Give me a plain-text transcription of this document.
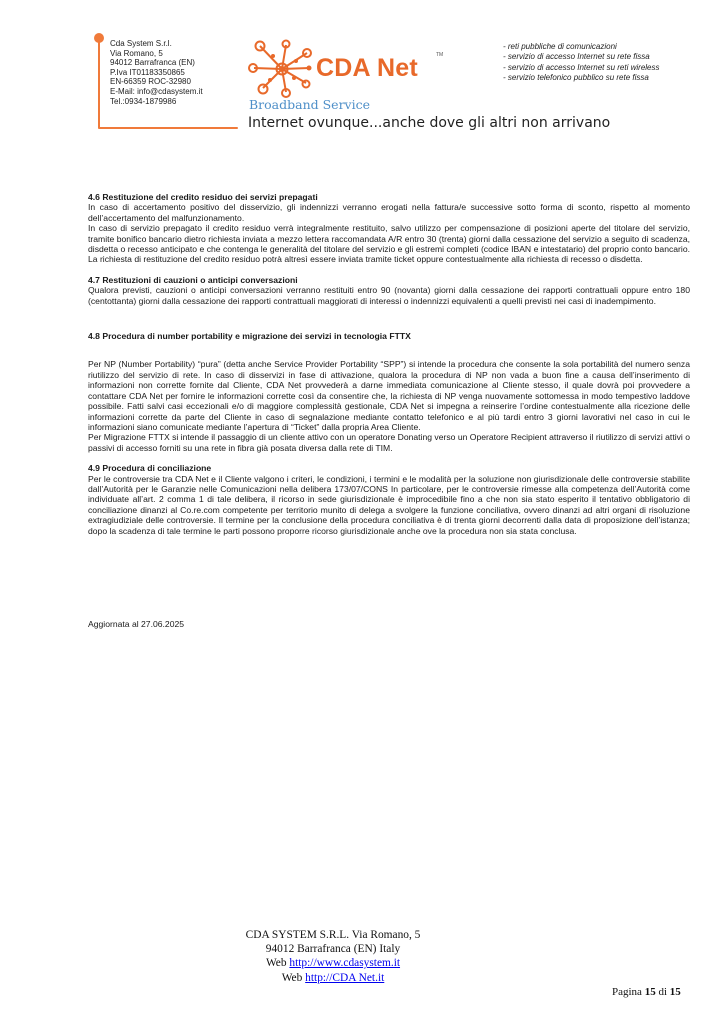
Cda System S.r.l.
Via Romano, 5
94012 Barrafranca (EN)
P.Iva IT01183350865
EN-66359 ROC-32980
E-Mail: info@cdasystem.it
Tel.:0934-1879986
CDA Net	TM
Broadband Service
Internet ovunque...anche dove gli altri non arrivano
- reti pubbliche di comunicazioni
- servizio di accesso Internet su rete fissa
- servizio di accesso Internet su reti wireless
- servizio telefonico pubblico su rete fissa
4.6 Restituzione del credito residuo dei servizi prepagati

In caso di accertamento positivo del disservizio, gli indennizzi verranno erogati nella fattura/e successive sotto forma di sconto, rispetto al momento dell’accertamento del malfunzionamento.

In caso di servizio prepagato il credito residuo verrà integralmente restituito, salvo utilizzo per compensazione di posizioni aperte del titolare del servizio, tramite bonifico bancario dietro richiesta inviata a mezzo lettera raccomandata A/R entro 30 (trenta) giorni dalla cessazione del servizio a seguito di scadenza, disdetta o recesso anticipato e che contenga le generalità del titolare del servizio e gli estremi completi (codice IBAN e intestatario) del proprio conto bancario. La richiesta di restituzione del credito residuo potrà altresì essere inviata tramite ticket oppure contestualmente alla richiesta di recesso o disdetta.

4.7 Restituzioni di cauzioni o anticipi conversazioni

Qualora previsti, cauzioni o anticipi conversazioni verranno restituiti entro 90 (novanta) giorni dalla cessazione dei rapporti contrattuali oppure entro 180 (centottanta) giorni dalla cessazione dei rapporti contrattuali maggiorati di interessi o indennizzi equivalenti a quelli previsti nei casi di inadempimento.

4.8 Procedura di number portability e migrazione dei servizi in tecnologia FTTX

Per NP (Number Portability) “pura” (detta anche Service Provider Portability “SPP”) si intende la procedura che consente la sola portabilità del numero senza riutilizzo del servizio di rete. In caso di disservizi in fase di attivazione, qualora la procedura di NP non vada a buon fine a causa dell’inserimento di informazioni non corrette fornite dal Cliente, CDA Net provvederà a darne immediata comunicazione al Cliente stesso, il quale dovrà poi provvedere a contattare CDA Net per fornire le informazioni corrette così da consentire che, la richiesta di NP venga nuovamente sottomessa in modo tempestivo laddove possibile. Fatti salvi casi eccezionali e/o di maggiore complessità gestionale, CDA Net si impegna a reinserire l’ordine contestualmente alla ricezione delle informazioni corrette da parte del Cliente in caso di segnalazione mediante contatto telefonico e al più tardi entro 3 giorni lavorativi nel caso in cui le informazioni siano comunicate mediante l’apertura di “Ticket” dalla propria Area Cliente.

Per Migrazione FTTX si intende il passaggio di un cliente attivo con un operatore Donating verso un Operatore Recipient attraverso il riutilizzo di servizi attivi o passivi di accesso forniti su una rete in fibra già posata diversa dalla rete di TIM.

4.9 Procedura di conciliazione

Per le controversie tra CDA Net e il Cliente valgono i criteri, le condizioni, i termini e le modalità per la soluzione non giurisdizionale delle controversie stabilite dall’Autorità per le Garanzie nelle Comunicazioni nella delibera 173/07/CONS In particolare, per le controversie rimesse alla competenza dell’Autorità come individuate all’art. 2 comma 1 di tale delibera, il ricorso in sede giurisdizionale è improcedibile fino a che non sia stato esperito il tentativo obbligatorio di conciliazione dinanzi al Co.re.com competente per territorio munito di delega a svolgere la funzione conciliativa, ovvero dinanzi ad altri organi di risoluzione extragiudiziale delle controversie. Il termine per la conclusione della procedura conciliativa è di trenta giorni decorrenti dalla data di proposizione dell’istanza; dopo la scadenza di tale termine le parti possono proporre ricorso giurisdizionale anche ove la procedura non sia stata conclusa.

Aggiornata al 27.06.2025
CDA SYSTEM S.R.L. Via Romano, 5
94012 Barrafranca (EN) Italy
Web http://www.cdasystem.it
Web http://CDA Net.it
Pagina 15 di 15
